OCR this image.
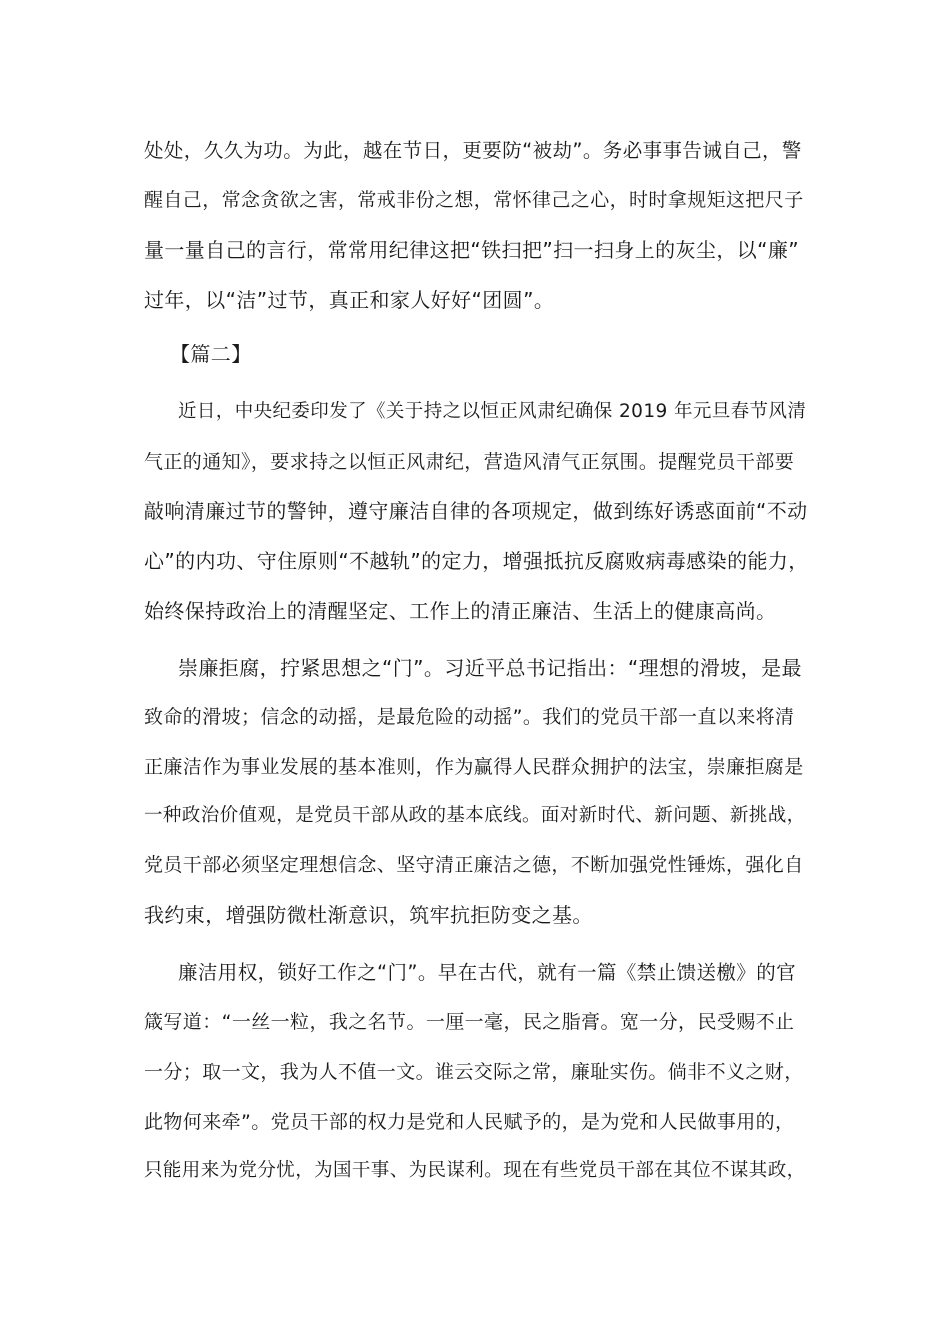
处处，久久为功。为此，越在节日，更要防“被劫”。务必事事告诫自己，警
醒自己，常念贪欲之害，常戒非份之想，常怀律己之心，时时拿规矩这把尺子
量一量自己的言行，常常用纪律这把“铁扫把”扫一扫身上的灰尘，以“廉”
过年，以“洁”过节，真正和家人好好“团圆”。
【篇二】
近日，中央纪委印发了《关于持之以恒正风肃纪确保 2019 年元旦春节风清
气正的通知》，要求持之以恒正风肃纪，营造风清气正氛围。提醒党员干部要
敲响清廉过节的警钟，遵守廉洁自律的各项规定，做到练好诱惑面前“不动
心”的内功、守住原则“不越轨”的定力，增强抵抗反腐败病毒感染的能力，
始终保持政治上的清醒坚定、工作上的清正廉洁、生活上的健康高尚。
崇廉拒腐，拧紧思想之“门”。习近平总书记指出：“理想的滑坡，是最
致命的滑坡；信念的动摇，是最危险的动摇”。我们的党员干部一直以来将清
正廉洁作为事业发展的基本准则，作为赢得人民群众拥护的法宝，崇廉拒腐是
一种政治价值观，是党员干部从政的基本底线。面对新时代、新问题、新挑战，
党员干部必须坚定理想信念、坚守清正廉洁之德，不断加强党性锤炼，强化自
我约束，增强防微杜渐意识，筑牢抗拒防变之基。
廉洁用权，锁好工作之“门”。早在古代，就有一篇《禁止馈送檄》的官
箴写道：“一丝一粒，我之名节。一厘一毫，民之脂膏。宽一分，民受赐不止
一分；取一文，我为人不值一文。谁云交际之常，廉耻实伤。倘非不义之财，
此物何来牵”。党员干部的权力是党和人民赋予的，是为党和人民做事用的，
只能用来为党分忧，为国干事、为民谋利。现在有些党员干部在其位不谋其政，
